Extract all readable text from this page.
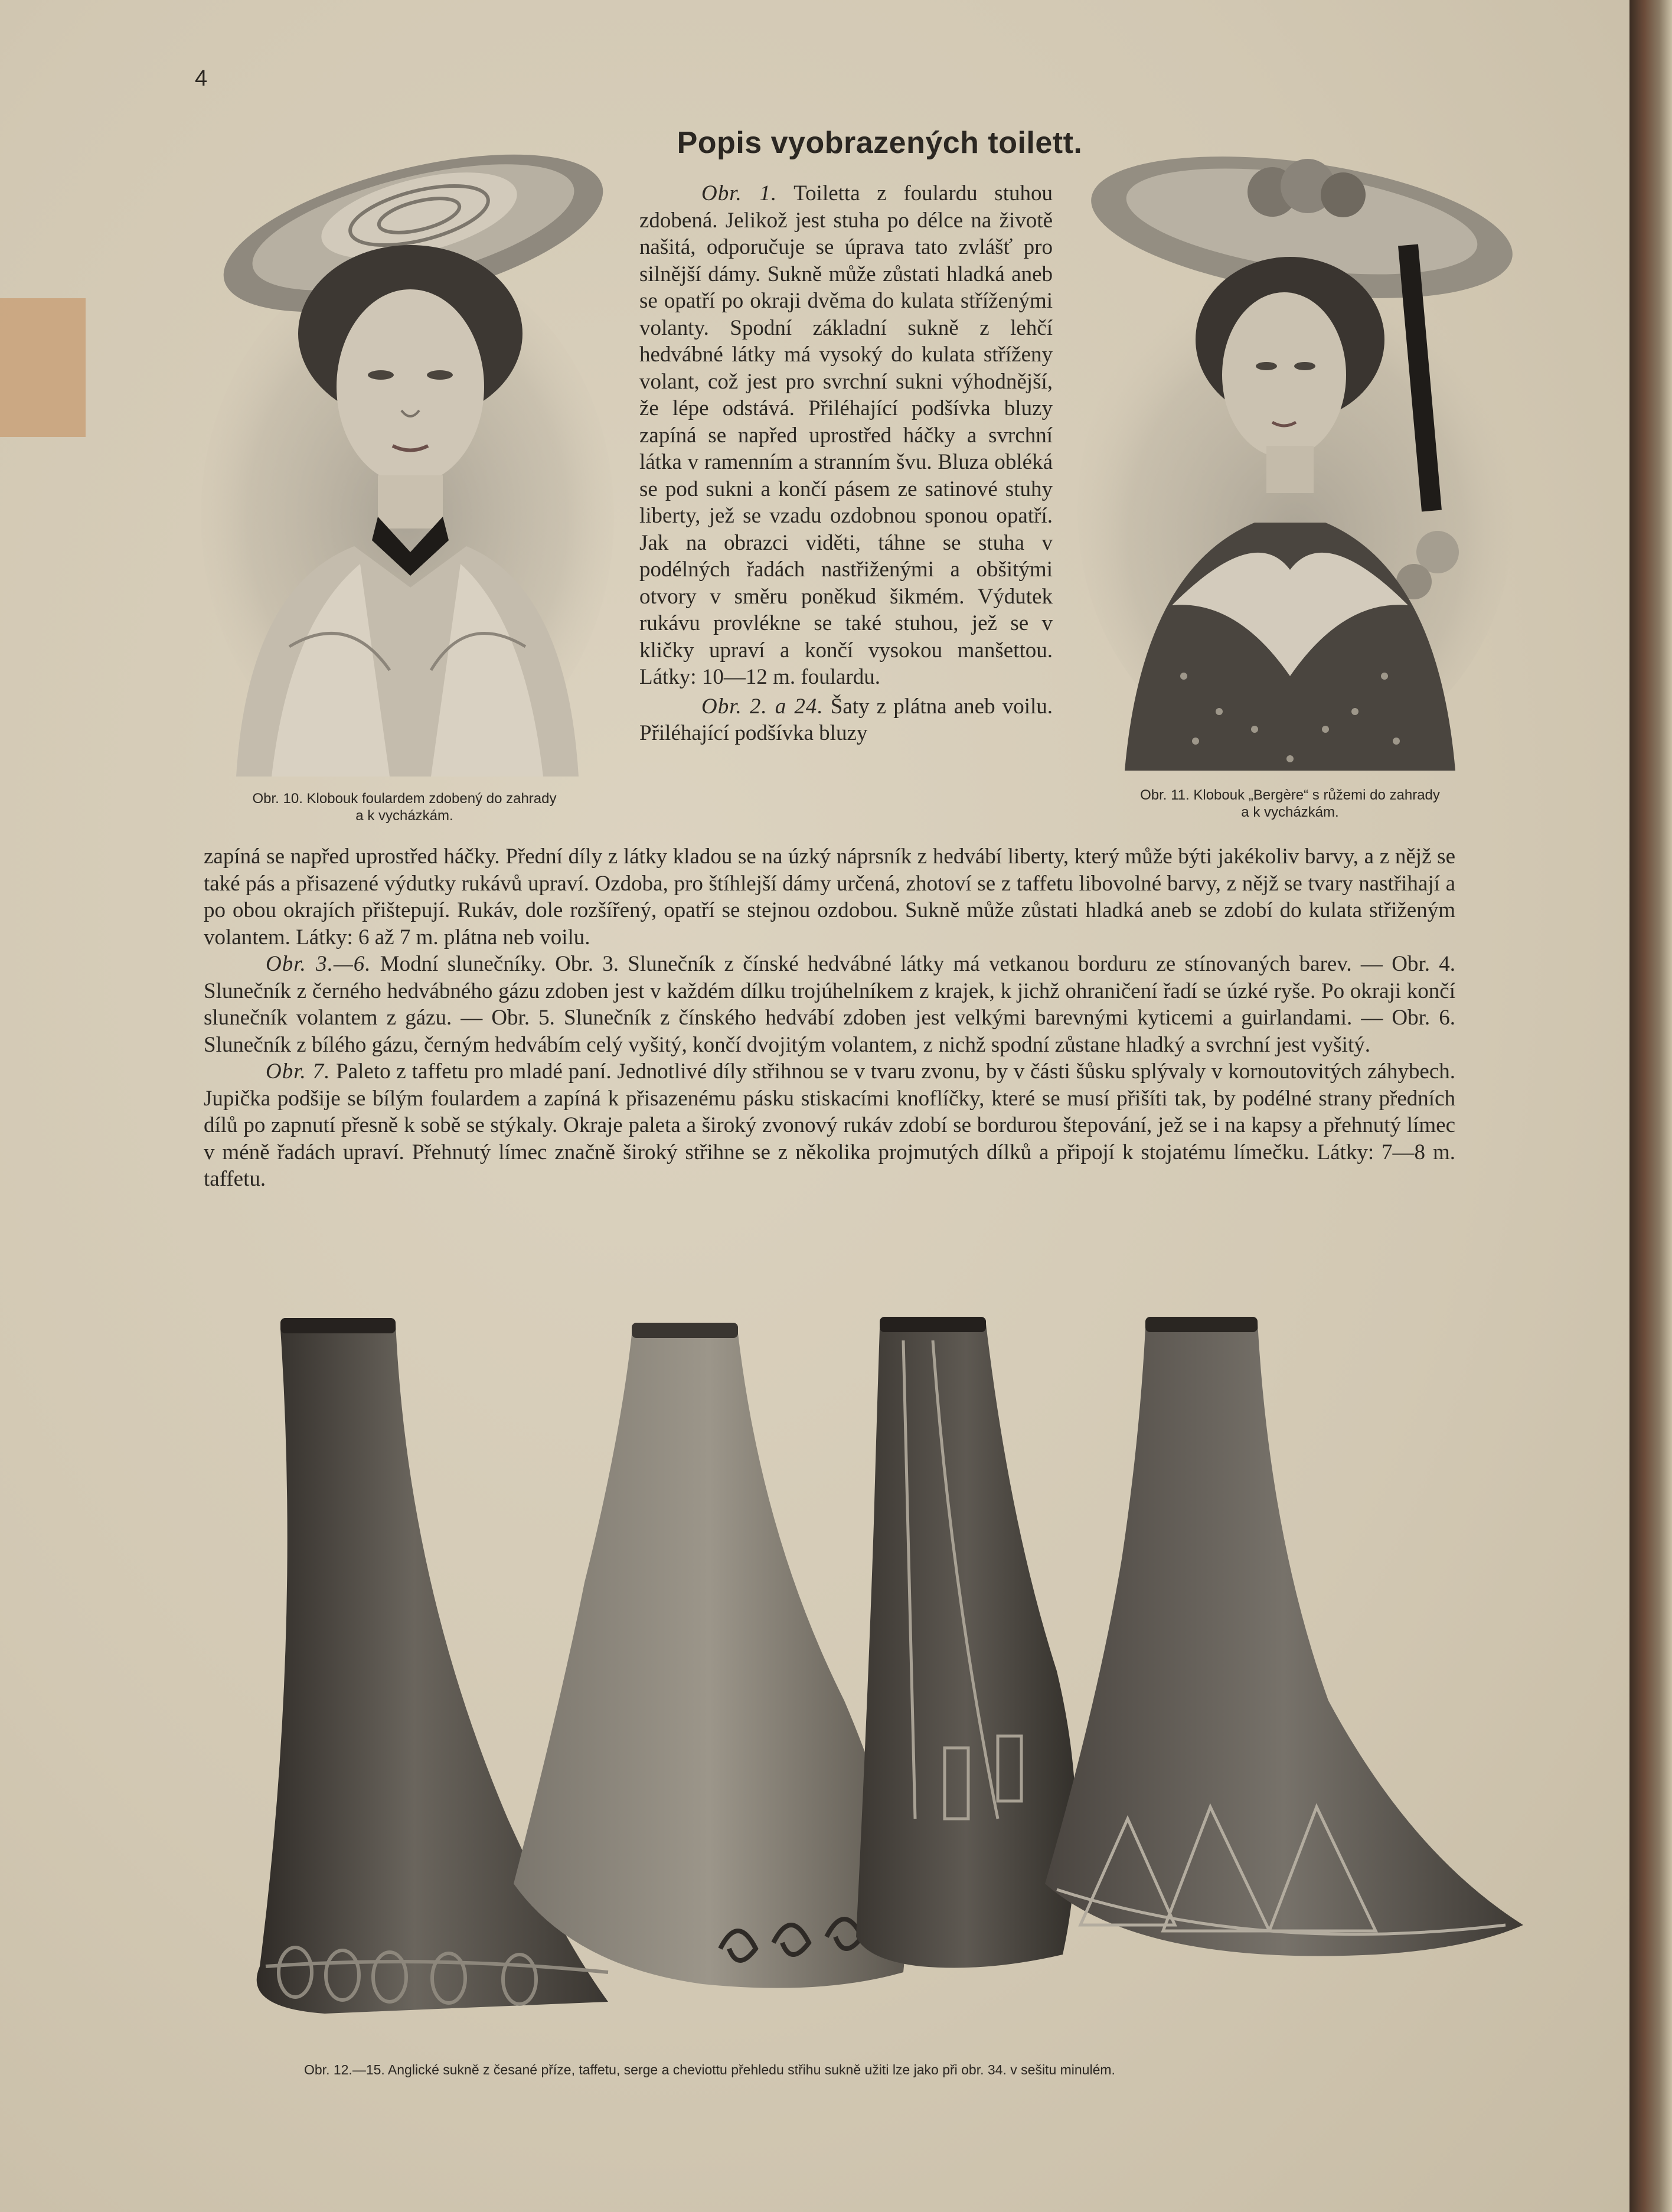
4
Popis vyobrazených toilett.
Obr. 10. Klobouk foulardem zdobený do zahrady
a k vycházkám.
Obr. 11. Klobouk „Bergère“ s růžemi do zahrady
a k vycházkám.

Obr. 1. Toiletta z foulardu stuhou zdobená. Jelikož jest stuha po délce na životě našitá, odporučuje se úprava tato zvlášť pro silnější dámy. Sukně může zůstati hladká aneb se opatří po okraji dvěma do kulata stříženými volanty. Spodní základní sukně z lehčí hedvábné látky má vysoký do kulata stříženy volant, což jest pro svrchní sukni výhodnější, že lépe odstává. Přiléhající podšívka bluzy zapíná se napřed uprostřed háčky a svrchní látka v ramenním a stranním švu. Bluza obléká se pod sukni a končí pásem ze satinové stuhy liberty, jež se vzadu ozdobnou sponou opatří. Jak na obrazci viděti, táhne se stuha v podélných řadách nastřiženými a obšitými otvory v směru poněkud šikmém. Výdutek rukávu provlékne se také stuhou, jež se v kličky upraví a končí vysokou manšettou. Látky: 10—12 m. foulardu.

Obr. 2. a 24. Šaty z plátna aneb voilu. Přiléhající podšívka bluzy

zapíná se napřed uprostřed háčky. Přední díly z látky kladou se na úzký náprsník z hedvábí liberty, který může býti jakékoliv barvy, a z nějž se také pás a přisazené výdutky rukávů upraví. Ozdoba, pro štíhlejší dámy určená, zhotoví se z taffetu libovolné barvy, z nějž se tvary nastřihají a po obou okrajích přištepují. Rukáv, dole rozšířený, opatří se stejnou ozdobou. Sukně může zůstati hladká aneb se zdobí do kulata střiženým volantem. Látky: 6 až 7 m. plátna neb voilu.

Obr. 3.—6. Modní slunečníky. Obr. 3. Slunečník z čínské hedvábné látky má vetkanou borduru ze stínovaných barev. — Obr. 4. Slunečník z černého hedvábného gázu zdoben jest v každém dílku trojúhelníkem z krajek, k jichž ohraničení řadí se úzké ryše. Po okraji končí slunečník volantem z gázu. — Obr. 5. Slunečník z čínského hedvábí zdoben jest velkými barevnými kyticemi a guirlandami. — Obr. 6. Slunečník z bílého gázu, černým hedvábím celý vyšitý, končí dvojitým volantem, z nichž spodní zůstane hladký a svrchní jest vyšitý.

Obr. 7. Paleto z taffetu pro mladé paní. Jednotlivé díly střihnou se v tvaru zvonu, by v části šůsku splývaly v kornoutovitých záhybech. Jupička podšije se bílým foulardem a zapíná k přisazenému pásku stiskacími knoflíčky, které se musí přišíti tak, by podélné strany předních dílů po zapnutí přesně k sobě se stýkaly. Okraje paleta a široký zvonový rukáv zdobí se bordurou štepování, jež se i na kapsy a přehnutý límec v méně řadách upraví. Přehnutý límec značně široký střihne se z několika projmutých dílků a připojí k stojatému límečku. Látky: 7—8 m. taffetu.

Obr. 12.—15. Anglické sukně z česané příze, taffetu, serge a cheviottu přehledu střihu sukně užiti lze jako při obr. 34. v sešitu minulém.
